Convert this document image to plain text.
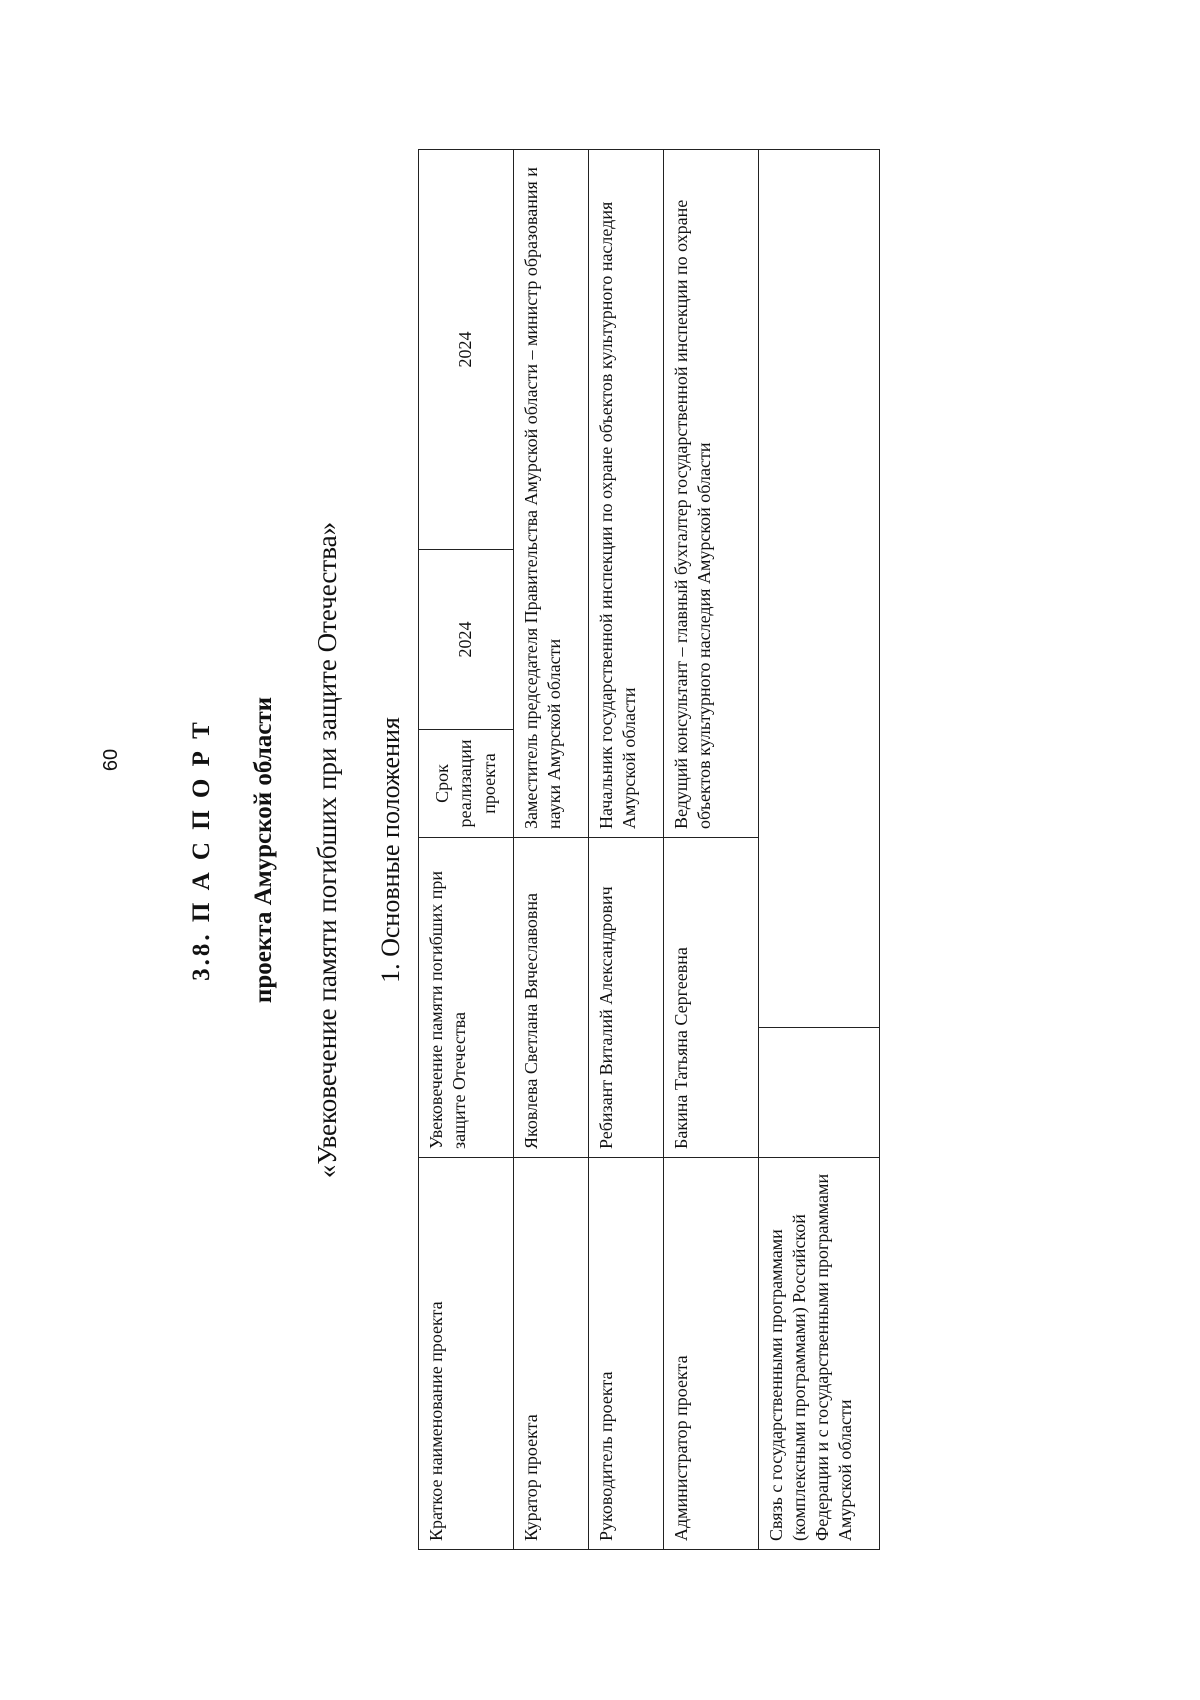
60	3.8. П А С П О Р Т проекта Амурской области «Увековечение памяти погибших при защите Отечества» 1. Основные положения
Краткое наименование проекта	Увековечение памяти погибших при защите Отечества		Срок реализации проекта	2024	2024
Куратор проекта	Яковлева Светлана Вячеславовна		Заместитель председателя Правительства Амурской области – министр образования и науки Амурской области		
Руководитель проекта	Ребизант Виталий Александрович		Начальник государственной инспекции по охране объектов культурного наследия Амурской области		
Администратор проекта	Бакина Татьяна Сергеевна		Ведущий консультант – главный бухгалтер государственной инспекции по охране объектов культурного наследия Амурской области		
Связь с государственными программами (комплексными программами) Российской Федерации и с государственными программами Амурской области					
